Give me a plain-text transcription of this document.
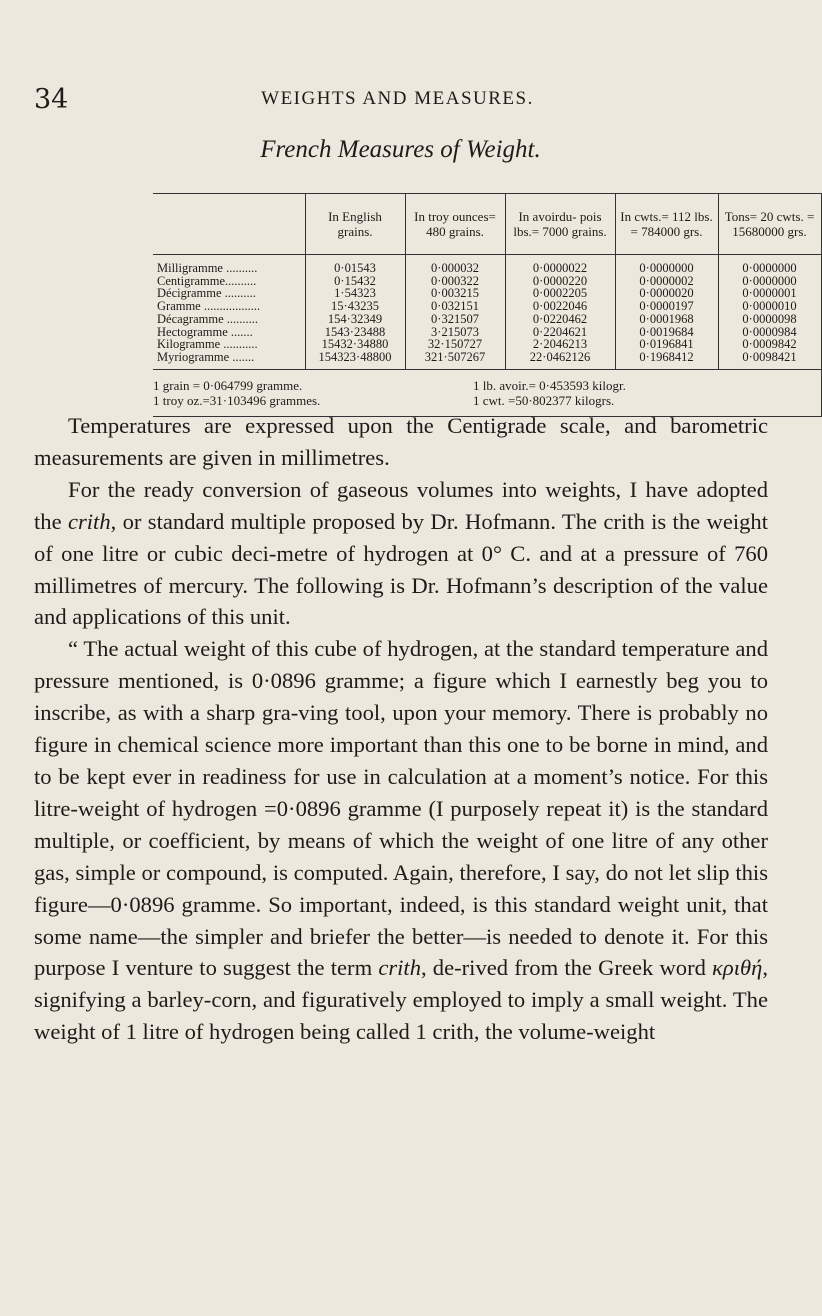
34	WEIGHTS AND MEASURES.
French Measures of Weight.
	In English grains.	In troy ounces= 480 grains.	In avoirdu- pois lbs.= 7000 grains.	In cwts.= 112 lbs. = 784000 grs.	Tons= 20 cwts. = 15680000 grs.
Milligramme ..........	0·01543	0·000032	0·0000022	0·0000000	0·0000000
Centigramme..........	0·15432	0·000322	0·0000220	0·0000002	0·0000000
Décigramme ..........	1·54323	0·003215	0·0002205	0·0000020	0·0000001
Gramme ..................	15·43235	0·032151	0·0022046	0·0000197	0·0000010
Décagramme ..........	154·32349	0·321507	0·0220462	0·0001968	0·0000098
Hectogramme .......	1543·23488	3·215073	0·2204621	0·0019684	0·0000984
Kilogramme ...........	15432·34880	32·150727	2·2046213	0·0196841	0·0009842
Myriogramme .......	154323·48800	321·507267	22·0462126	0·1968412	0·0098421

1 grain = 0·064799 gramme. 1 lb. avoir.= 0·453593 kilogr.
1 troy oz.=31·103496 grammes. 1 cwt. =50·802377 kilogrs.					

Temperatures are expressed upon the Centigrade scale, and barometric measurements are given in millimetres.

For the ready conversion of gaseous volumes into weights, I have adopted the crith, or standard multiple proposed by Dr. Hofmann. The crith is the weight of one litre or cubic deci-metre of hydrogen at 0° C. and at a pressure of 760 millimetres of mercury. The following is Dr. Hofmann’s description of the value and applications of this unit.

“ The actual weight of this cube of hydrogen, at the standard temperature and pressure mentioned, is 0·0896 gramme; a figure which I earnestly beg you to inscribe, as with a sharp gra-ving tool, upon your memory. There is probably no figure in chemical science more important than this one to be borne in mind, and to be kept ever in readiness for use in calculation at a moment’s notice. For this litre-weight of hydrogen =0·0896 gramme (I purposely repeat it) is the standard multiple, or coefficient, by means of which the weight of one litre of any other gas, simple or compound, is computed. Again, therefore, I say, do not let slip this figure—0·0896 gramme. So important, indeed, is this standard weight unit, that some name—the simpler and briefer the better—is needed to denote it. For this purpose I venture to suggest the term crith, de-rived from the Greek word κριθή, signifying a barley-corn, and figuratively employed to imply a small weight. The weight of 1 litre of hydrogen being called 1 crith, the volume-weight
